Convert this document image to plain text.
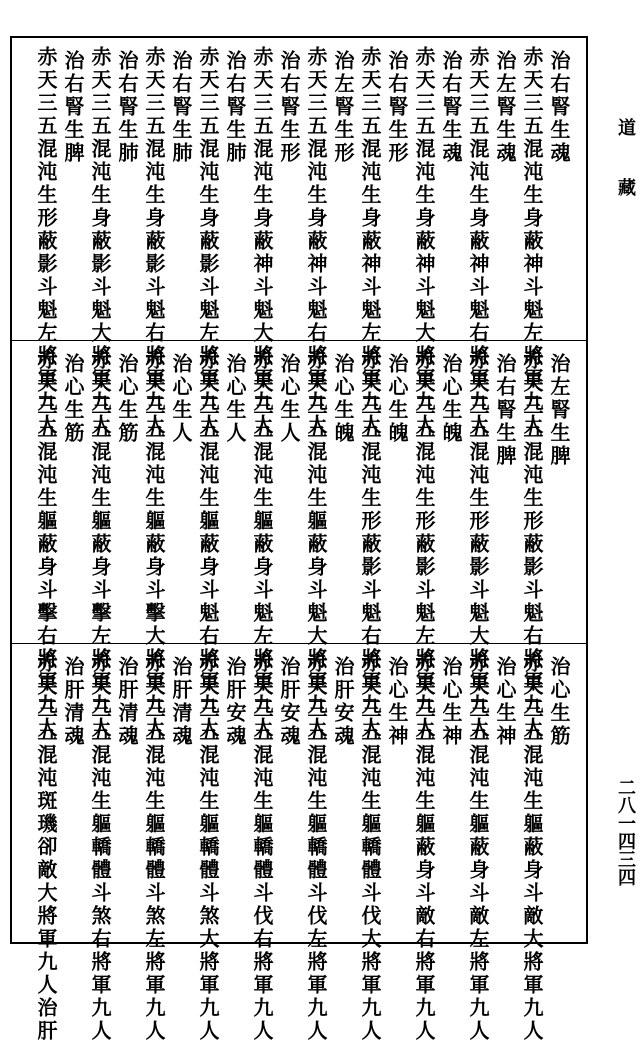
治右腎生魂
赤天三五混沌生身蔽神斗魁左將軍九人
治左腎生魂
赤天三五混沌生身蔽神斗魁右將軍九人
治右腎生魂
赤天三五混沌生身蔽神斗魁大將軍九人
治右腎生形
赤天三五混沌生身蔽神斗魁左將軍九人
治左腎生形
赤天三五混沌生身蔽神斗魁右將軍九人
治右腎生形
赤天三五混沌生身蔽神斗魁大將軍九人
治右腎生肺
赤天三五混沌生身蔽影斗魁左將軍九人
治右腎生肺
赤天三五混沌生身蔽影斗魁右將軍九人
治右腎生肺
赤天三五混沌生身蔽影斗魁大將軍九人
治右腎生脾
赤天三五混沌生形蔽影斗魁左將軍九人	治左腎生脾
赤天三五混沌生形蔽影斗魁右將軍九人
治右腎生脾
赤天三五混沌生形蔽影斗魁大將軍九人
治心生魄
赤天三五混沌生形蔽影斗魁左將軍九人
治心生魄
赤天三五混沌生形蔽影斗魁右將軍九人
治心生魄
赤天三五混沌生軀蔽身斗魁大將軍九人
治心生人
赤天三五混沌生軀蔽身斗魁左將軍九人
治心生人
赤天三五混沌生軀蔽身斗魁右將軍九人
治心生人
赤天三五混沌生軀蔽身斗擊大將軍九人
治心生筋
赤天三五混沌生軀蔽身斗擊左將軍九人
治心生筋
赤天三五混沌生軀蔽身斗擊右將軍九人	治心生筋
赤天三五混沌生軀蔽身斗敵大將軍九人
治心生神
赤天三五混沌生軀蔽身斗敵左將軍九人
治心生神
赤天三五混沌生軀蔽身斗敵右將軍九人
治心生神
赤天三五混沌生軀轎體斗伐大將軍九人
治肝安魂
赤天三五混沌生軀轎體斗伐左將軍九人
治肝安魂
赤天三五混沌生軀轎體斗伐右將軍九人
治肝安魂
赤天三五混沌生軀轎體斗煞大將軍九人
治肝清魂
赤天三五混沌生軀轎體斗煞左將軍九人
治肝清魂
赤天三五混沌生軀轎體斗煞右將軍九人
治肝清魂
赤天三五混沌斑璣卻敵大將軍九人治肝
道
藏
二八一四三四
